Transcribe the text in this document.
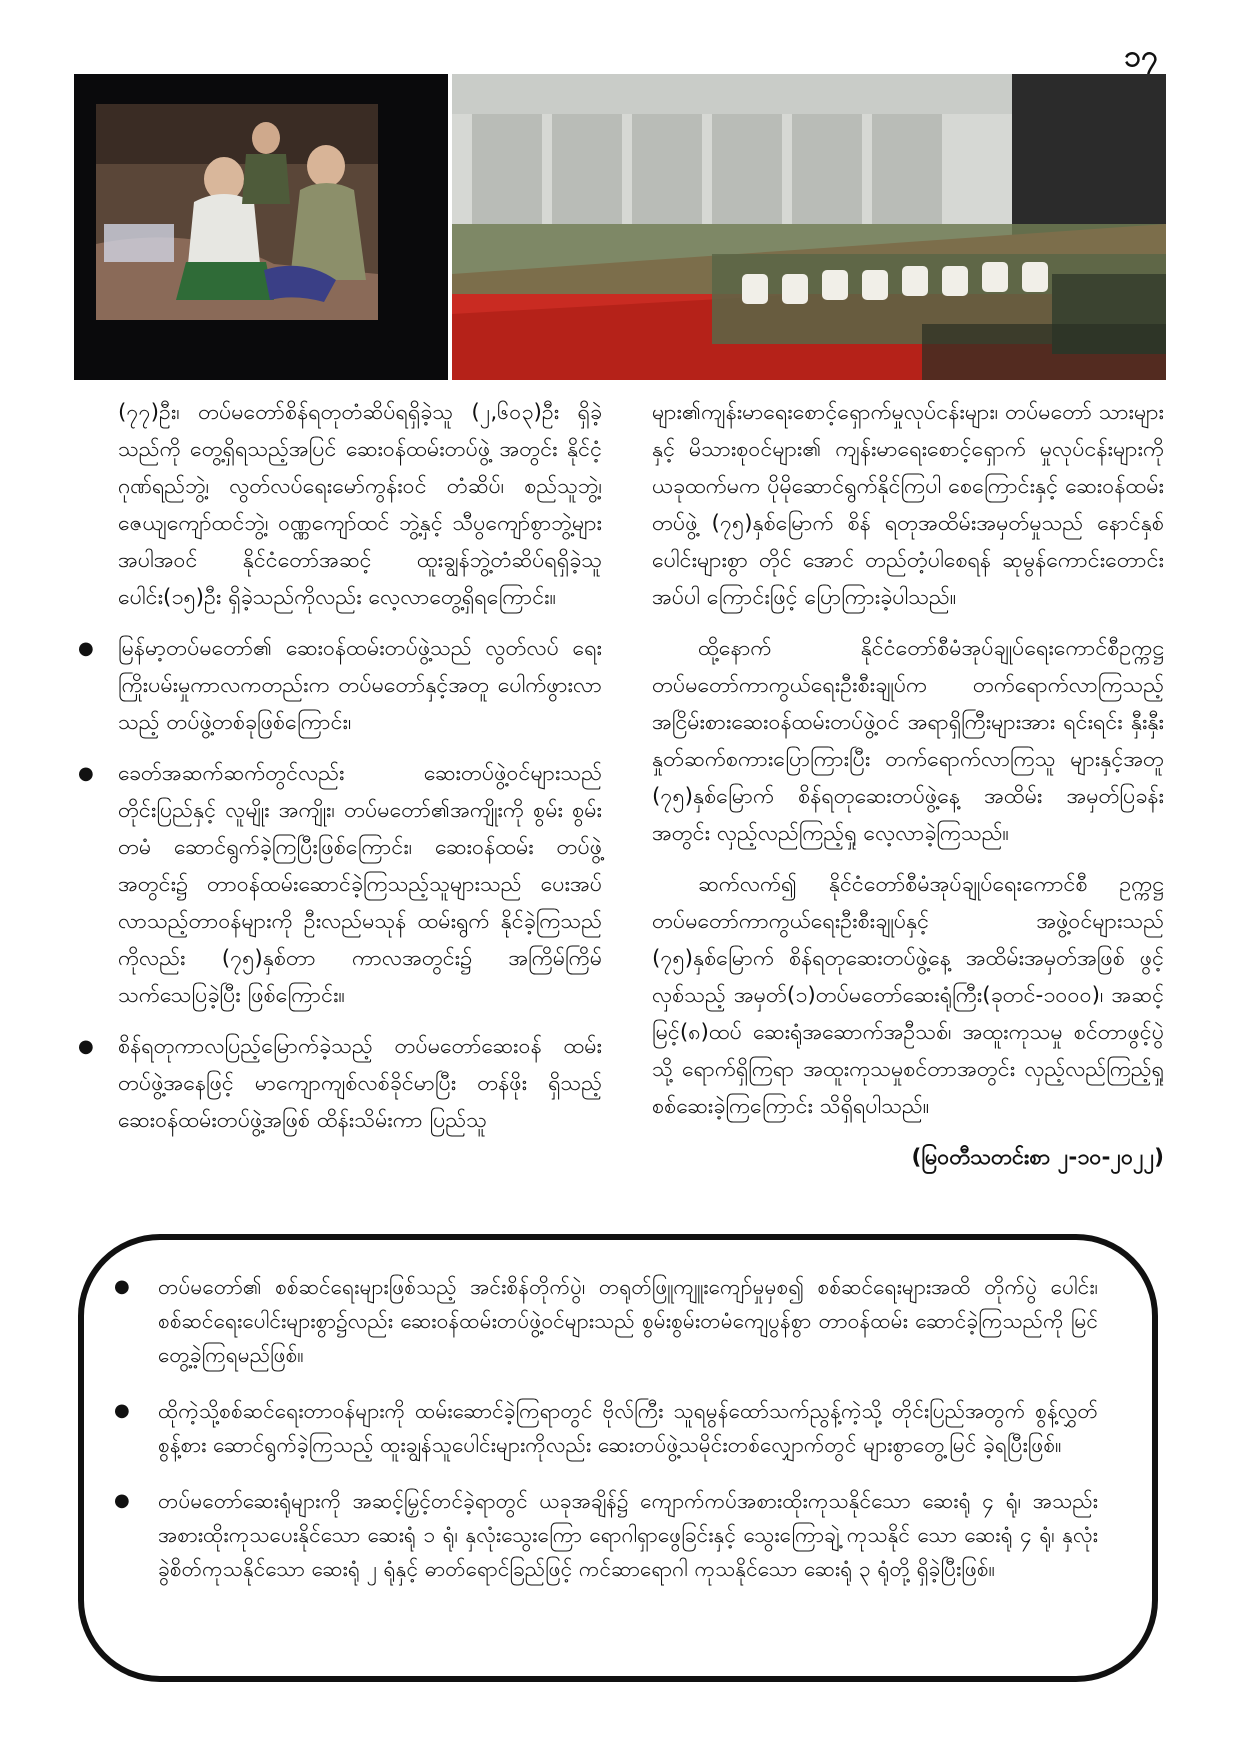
၁၇

(၇၇)ဦး၊ တပ်မတော်စိန်ရတုတံဆိပ်ရရှိခဲ့သူ (၂,၆၀၃)ဦး ရှိခဲ့သည်ကို တွေ့ရှိရသည့်အပြင် ဆေးဝန်ထမ်းတပ်ဖွဲ့ အတွင်း နိုင်ငံ့ဂုဏ်ရည်ဘွဲ့၊ လွတ်လပ်ရေးမော်ကွန်းဝင် တံဆိပ်၊ စည်သူဘွဲ့၊ ဇေယျကျော်ထင်ဘွဲ့၊ ဝဏ္ဏကျော်ထင် ဘွဲ့နှင့် သီပွကျော်စွာဘွဲ့များ အပါအဝင် နိုင်ငံတော်အဆင့် ထူးချွန်ဘွဲ့တံဆိပ်ရရှိခဲ့သူပေါင်း(၁၅)ဦး ရှိခဲ့သည်ကိုလည်း လေ့လာတွေ့ရှိရကြောင်း။

● မြန်မာ့တပ်မတော်၏ ဆေးဝန်ထမ်းတပ်ဖွဲ့သည် လွတ်လပ် ရေးကြိုးပမ်းမှုကာလကတည်းက တပ်မတော်နှင့်အတူ ပေါက်ဖွားလာသည့် တပ်ဖွဲ့တစ်ခုဖြစ်ကြောင်း၊
● ခေတ်အဆက်ဆက်တွင်လည်း ဆေးတပ်ဖွဲ့ဝင်များသည် တိုင်းပြည်နှင့် လူမျိုး အကျိုး၊ တပ်မတော်၏အကျိုးကို စွမ်း စွမ်းတမံ ဆောင်ရွက်ခဲ့ကြပြီးဖြစ်ကြောင်း၊ ဆေးဝန်ထမ်း တပ်ဖွဲ့အတွင်း၌ တာဝန်ထမ်းဆောင်ခဲ့ကြသည့်သူများသည် ပေးအပ်လာသည့်တာဝန်များကို ဦးလည်မသုန် ထမ်းရွက် နိုင်ခဲ့ကြသည်ကိုလည်း (၇၅)နှစ်တာ ကာလအတွင်း၌ အကြိမ်ကြိမ် သက်သေပြခဲ့ပြီး ဖြစ်ကြောင်း။
● စိန်ရတုကာလပြည့်မြောက်ခဲ့သည့် တပ်မတော်ဆေးဝန် ထမ်းတပ်ဖွဲ့အနေဖြင့် မာကျောကျစ်လစ်ခိုင်မာပြီး တန်ဖိုး ရှိသည့် ဆေးဝန်ထမ်းတပ်ဖွဲ့အဖြစ် ထိန်းသိမ်းကာ ပြည်သူ

များ၏ကျန်းမာရေးစောင့်ရှောက်မှုလုပ်ငန်းများ၊ တပ်မတော် သားများနှင့် မိသားစုဝင်များ၏ ကျန်းမာရေးစောင့်ရှောက် မှုလုပ်ငန်းများကို ယခုထက်မက ပိုမိုဆောင်ရွက်နိုင်ကြပါ စေကြောင်းနှင့် ဆေးဝန်ထမ်းတပ်ဖွဲ့ (၇၅)နှစ်မြောက် စိန် ရတုအထိမ်းအမှတ်မှုသည် နောင်နှစ်ပေါင်းများစွာ တိုင် အောင် တည်တံ့ပါစေရန် ဆုမွန်ကောင်းတောင်းအပ်ပါ ကြောင်းဖြင့် ပြောကြားခဲ့ပါသည်။

ထို့နောက် နိုင်ငံတော်စီမံအုပ်ချုပ်ရေးကောင်စီဥက္ကဋ္ဌ တပ်မတော်ကာကွယ်ရေးဦးစီးချုပ်က တက်ရောက်လာကြသည့် အငြိမ်းစားဆေးဝန်ထမ်းတပ်ဖွဲ့ဝင် အရာရှိကြီးများအား ရင်းရင်း နှီးနှီး နှုတ်ဆက်စကားပြောကြားပြီး တက်ရောက်လာကြသူ များနှင့်အတူ (၇၅)နှစ်မြောက် စိန်ရတုဆေးတပ်ဖွဲ့နေ့ အထိမ်း အမှတ်ပြခန်းအတွင်း လှည့်လည်ကြည့်ရှု လေ့လာခဲ့ကြသည်။

ဆက်လက်၍ နိုင်ငံတော်စီမံအုပ်ချုပ်ရေးကောင်စီ ဥက္ကဋ္ဌ တပ်မတော်ကာကွယ်ရေးဦးစီးချုပ်နှင့် အဖွဲ့ဝင်များသည် (၇၅)နှစ်မြောက် စိန်ရတုဆေးတပ်ဖွဲ့နေ့ အထိမ်းအမှတ်အဖြစ် ဖွင့်လှစ်သည့် အမှတ်(၁)တပ်မတော်ဆေးရုံကြီး(ခုတင်-၁၀၀၀)၊ အဆင့်မြင့်(၈)ထပ် ဆေးရုံအဆောက်အဦသစ်၊ အထူးကုသမှု စင်တာဖွင့်ပွဲသို့ ရောက်ရှိကြရာ အထူးကုသမှုစင်တာအတွင်း လှည့်လည်ကြည့်ရှုစစ်ဆေးခဲ့ကြကြောင်း သိရှိရပါသည်။

(မြဝတီသတင်းစာ ၂-၁၀-၂၀၂၂)
● တပ်မတော်၏ စစ်ဆင်ရေးများဖြစ်သည့် အင်းစိန်တိုက်ပွဲ၊ တရုတ်ဖြူကျူးကျော်မှုမှစ၍ စစ်ဆင်ရေးများအထိ တိုက်ပွဲ ပေါင်း၊ စစ်ဆင်ရေးပေါင်းများစွာ၌လည်း ဆေးဝန်ထမ်းတပ်ဖွဲ့ဝင်များသည် စွမ်းစွမ်းတမံကျေပွန်စွာ တာဝန်ထမ်း ဆောင်ခဲ့ကြသည်ကို မြင်တွေ့ခဲ့ကြရမည်ဖြစ်။
● ထိုကဲ့သို့စစ်ဆင်ရေးတာဝန်များကို ထမ်းဆောင်ခဲ့ကြရာတွင် ဗိုလ်ကြီး သူရမွန်ထော်သက်ညွန့်ကဲ့သို့ တိုင်းပြည်အတွက် စွန့်လွှတ်စွန့်စား ဆောင်ရွက်ခဲ့ကြသည့် ထူးချွန်သူပေါင်းများကိုလည်း ဆေးတပ်ဖွဲ့သမိုင်းတစ်လျှောက်တွင် များစွာတွေ့မြင် ခဲ့ရပြီးဖြစ်။
● တပ်မတော်ဆေးရုံများကို အဆင့်မြှင့်တင်ခဲ့ရာတွင် ယခုအချိန်၌ ကျောက်ကပ်အစားထိုးကုသနိုင်သော ဆေးရုံ ၄ ရုံ၊ အသည်းအစားထိုးကုသပေးနိုင်သော ဆေးရုံ ၁ ရုံ၊ နှလုံးသွေးကြော ရောဂါရှာဖွေခြင်းနှင့် သွေးကြောချဲ့ ကုသနိုင် သော ဆေးရုံ ၄ ရုံ၊ နှလုံးခွဲစိတ်ကုသနိုင်သော ဆေးရုံ ၂ ရုံနှင့် ဓာတ်ရောင်ခြည်ဖြင့် ကင်ဆာရောဂါ ကုသနိုင်သော ဆေးရုံ ၃ ရုံတို့ ရှိခဲ့ပြီးဖြစ်။
